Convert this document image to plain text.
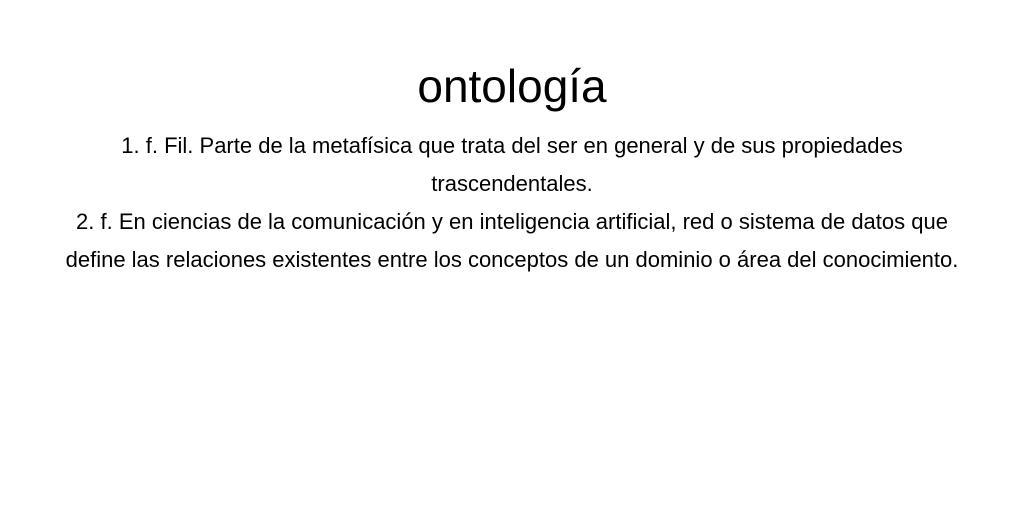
ontología

1. f. Fil. Parte de la metafísica que trata del ser en general y de sus propiedades trascendentales.

2. f. En ciencias de la comunicación y en inteligencia artificial, red o sistema de datos que define las relaciones existentes entre los conceptos de un dominio o área del conocimiento.
